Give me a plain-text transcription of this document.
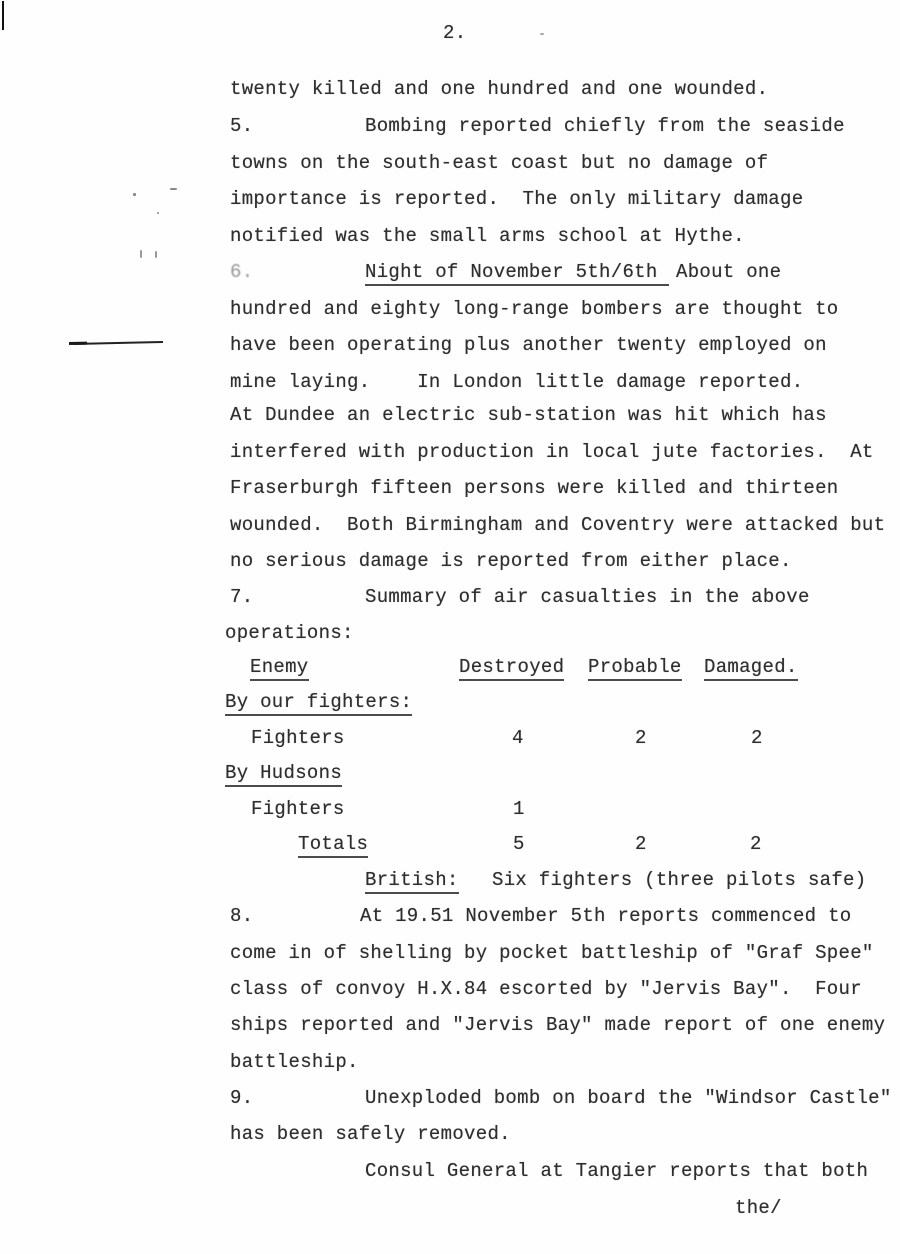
2.
twenty killed and one hundred and one wounded.
5.	Bombing reported chiefly from the seaside
towns on the south-east coast but no damage of
importance is reported.  The only military damage
notified was the small arms school at Hythe.
6.	Night of November 5th/6th About one
hundred and eighty long-range bombers are thought to
have been operating plus another twenty employed on
mine laying.    In London little damage reported.
At Dundee an electric sub-station was hit which has
interfered with production in local jute factories.  At
Fraserburgh fifteen persons were killed and thirteen
wounded.  Both Birmingham and Coventry were attacked but
no serious damage is reported from either place.
7.	Summary of air casualties in the above
operations:
Enemy	Destroyed Probable Damaged.
By our fighters:
Fighters	4	2	2
By Hudsons
Fighters	1
Totals	5	2	2
British: Six fighters (three pilots safe)
8.	At 19.51 November 5th reports commenced to
come in of shelling by pocket battleship of "Graf Spee"
class of convoy H.X.84 escorted by "Jervis Bay".  Four
ships reported and "Jervis Bay" made report of one enemy
battleship.
9.	Unexploded bomb on board the "Windsor Castle"
has been safely removed.
Consul General at Tangier reports that both
the/
